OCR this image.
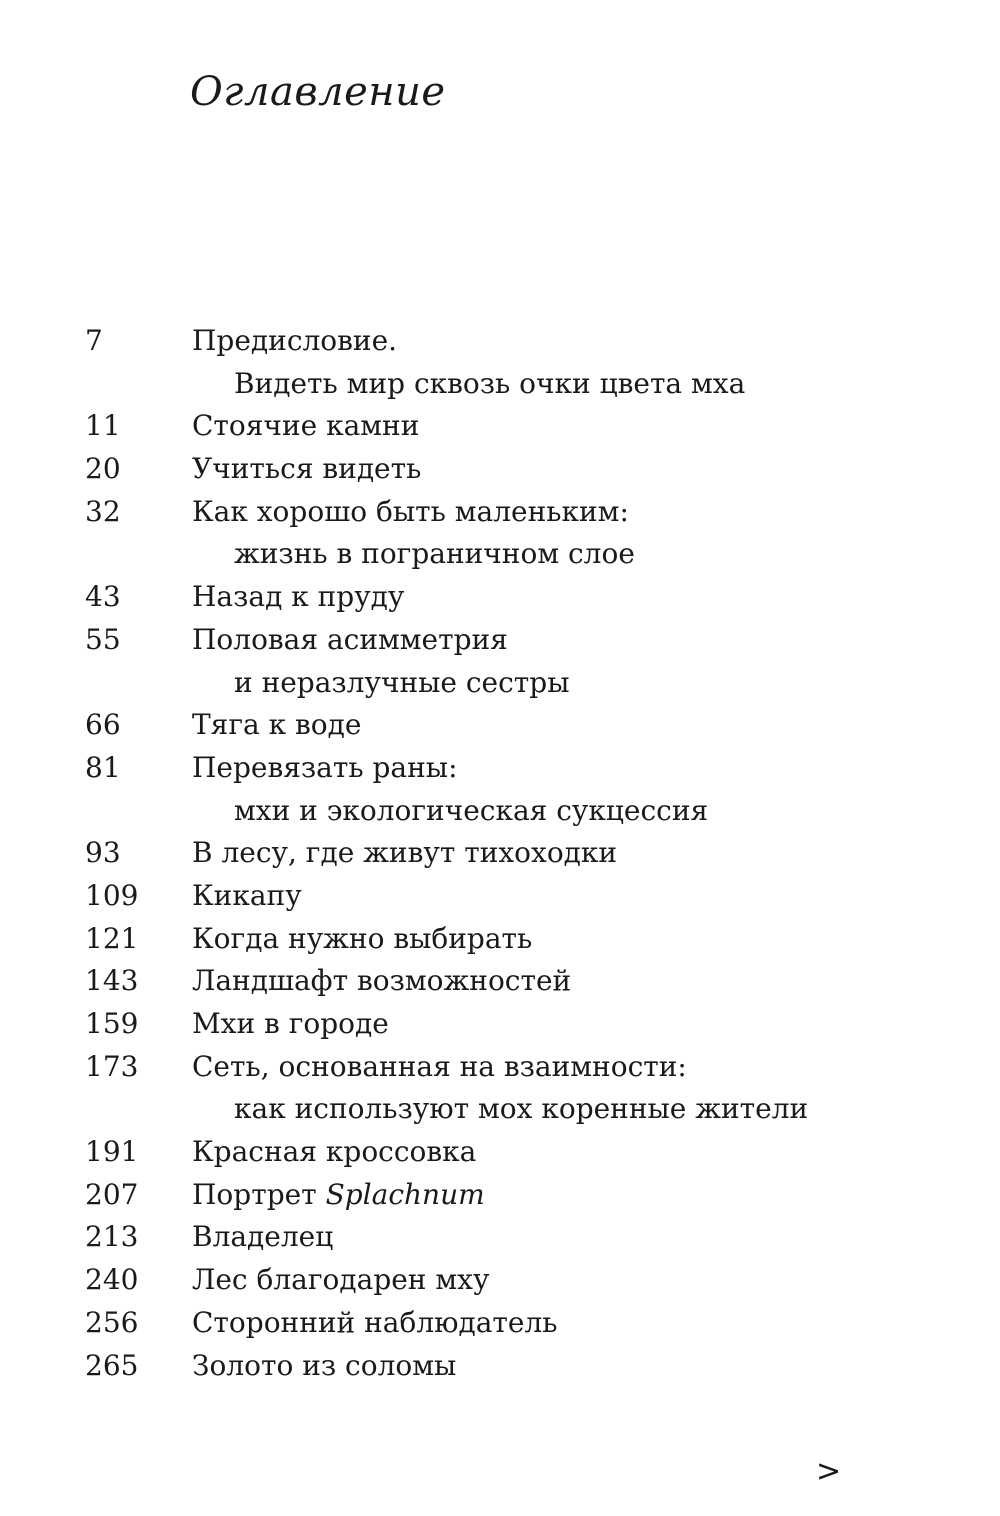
Оглавление
7	Предисловие.
Видеть мир сквозь очки цвета мха
11	Стоячие камни
20	Учиться видеть
32	Как хорошо быть маленьким:
жизнь в пограничном слое
43	Назад к пруду
55	Половая асимметрия
и неразлучные сестры
66	Тяга к воде
81	Перевязать раны:
мхи и экологическая сукцессия
93	В лесу, где живут тихоходки
109 Кикапу
121 Когда нужно выбирать
143 Ландшафт возможностей
159 Мхи в городе
173 Сеть, основанная на взаимности:
как используют мох коренные жители
191 Красная кроссовка
207 Портрет Splachnum
213 Владелец
240 Лес благодарен мху
256 Сторонний наблюдатель
265 Золото из соломы
>
